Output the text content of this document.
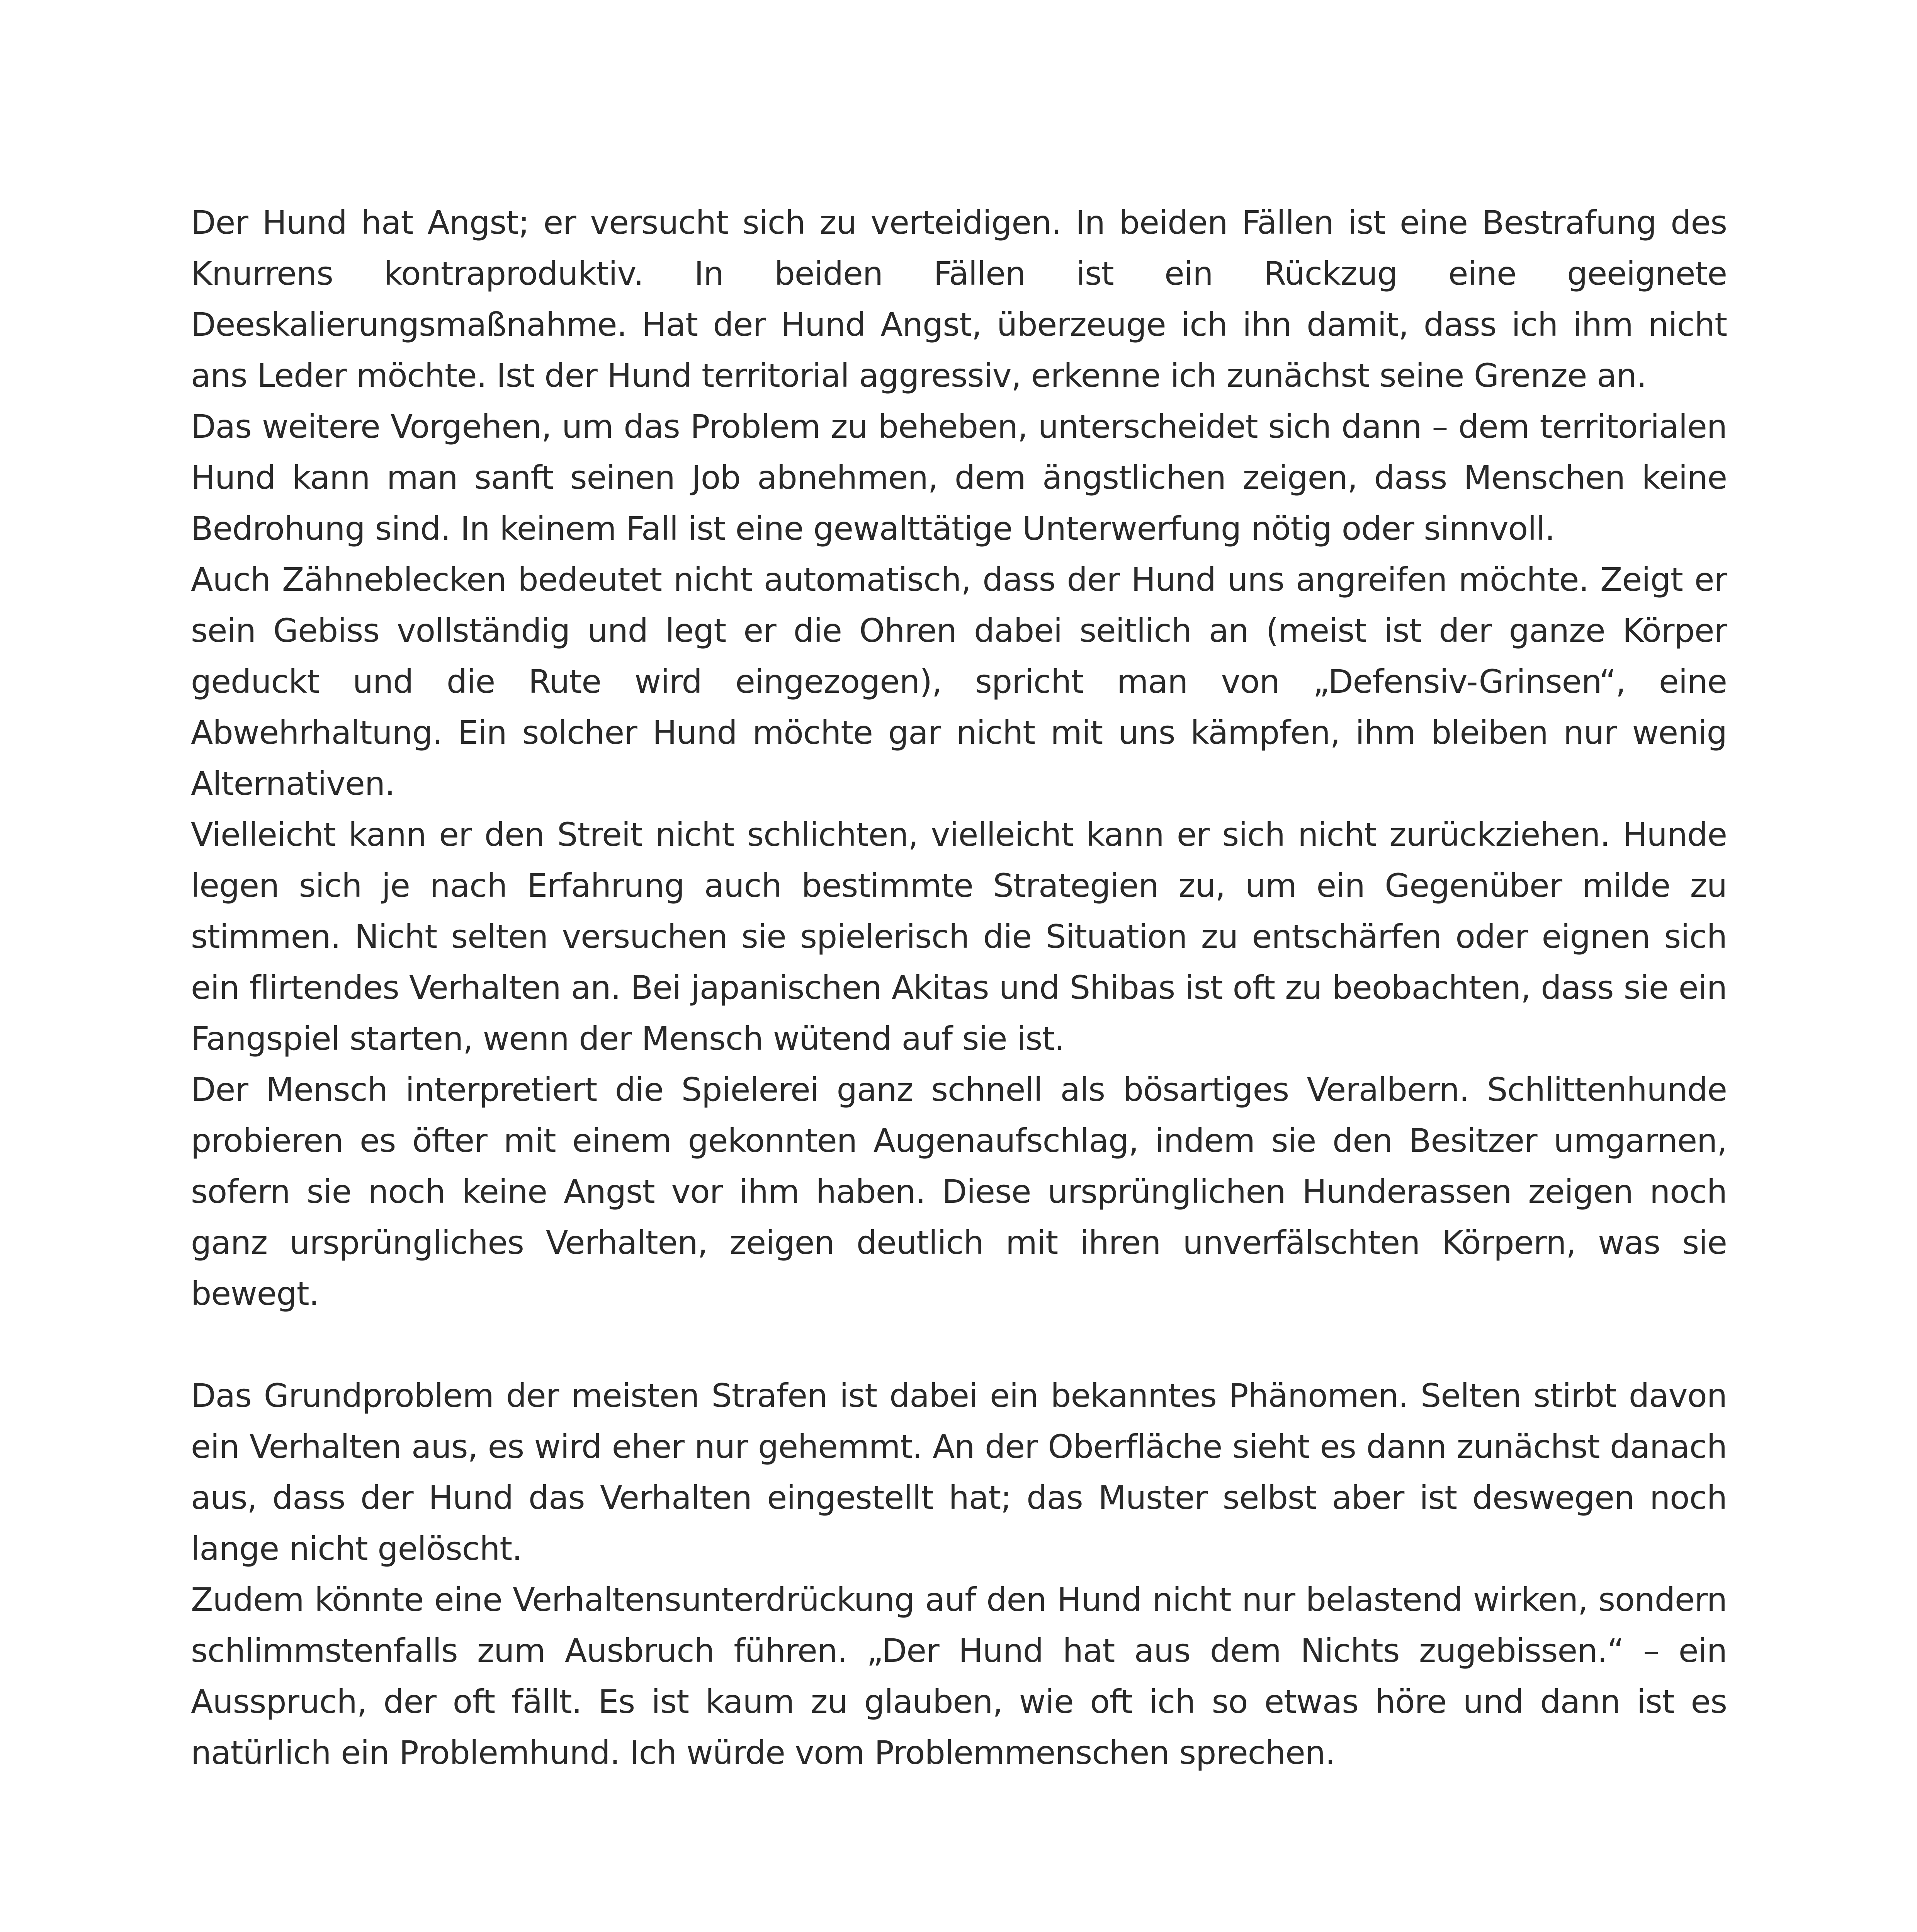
Der Hund hat Angst; er versucht sich zu verteidigen. In beiden Fällen ist eine Bestrafung des Knurrens kontraproduktiv. In beiden Fällen ist ein Rückzug eine geeignete Deeskalierungsmaßnahme. Hat der Hund Angst, überzeuge ich ihn damit, dass ich ihm nicht ans Leder möchte. Ist der Hund territorial aggressiv, erkenne ich zunächst seine Grenze an.

Das weitere Vorgehen, um das Problem zu beheben, unterscheidet sich dann – dem territorialen Hund kann man sanft seinen Job abnehmen, dem ängstlichen zeigen, dass Menschen keine Bedrohung sind. In keinem Fall ist eine gewalttätige Unterwerfung nötig oder sinnvoll.

Auch Zähneblecken bedeutet nicht automatisch, dass der Hund uns angreifen möchte. Zeigt er sein Gebiss vollständig und legt er die Ohren dabei seitlich an (meist ist der ganze Körper geduckt und die Rute wird eingezogen), spricht man von „Defensiv-Grinsen“, eine Abwehrhaltung. Ein solcher Hund möchte gar nicht mit uns kämpfen, ihm bleiben nur wenig Alternativen.

Vielleicht kann er den Streit nicht schlichten, vielleicht kann er sich nicht zurückziehen. Hunde legen sich je nach Erfahrung auch bestimmte Strategien zu, um ein Gegenüber milde zu stimmen. Nicht selten versuchen sie spielerisch die Situation zu entschärfen oder eignen sich ein flirtendes Verhalten an. Bei japanischen Akitas und Shibas ist oft zu beobachten, dass sie ein Fangspiel starten, wenn der Mensch wütend auf sie ist.

Der Mensch interpretiert die Spielerei ganz schnell als bösartiges Veralbern. Schlittenhunde probieren es öfter mit einem gekonnten Augenaufschlag, indem sie den Besitzer umgarnen, sofern sie noch keine Angst vor ihm haben. Diese ursprünglichen Hunderassen zeigen noch ganz ursprüngliches Verhalten, zeigen deutlich mit ihren unverfälschten Körpern, was sie bewegt.

Das Grundproblem der meisten Strafen ist dabei ein bekanntes Phänomen. Selten stirbt davon ein Verhalten aus, es wird eher nur gehemmt. An der Oberfläche sieht es dann zunächst danach aus, dass der Hund das Verhalten eingestellt hat; das Muster selbst aber ist deswegen noch lange nicht gelöscht.

Zudem könnte eine Verhaltensunterdrückung auf den Hund nicht nur belastend wirken, sondern schlimmstenfalls zum Ausbruch führen. „Der Hund hat aus dem Nichts zugebissen.“ – ein Ausspruch, der oft fällt. Es ist kaum zu glauben, wie oft ich so etwas höre und dann ist es natürlich ein Problemhund. Ich würde vom Problemmenschen sprechen.
